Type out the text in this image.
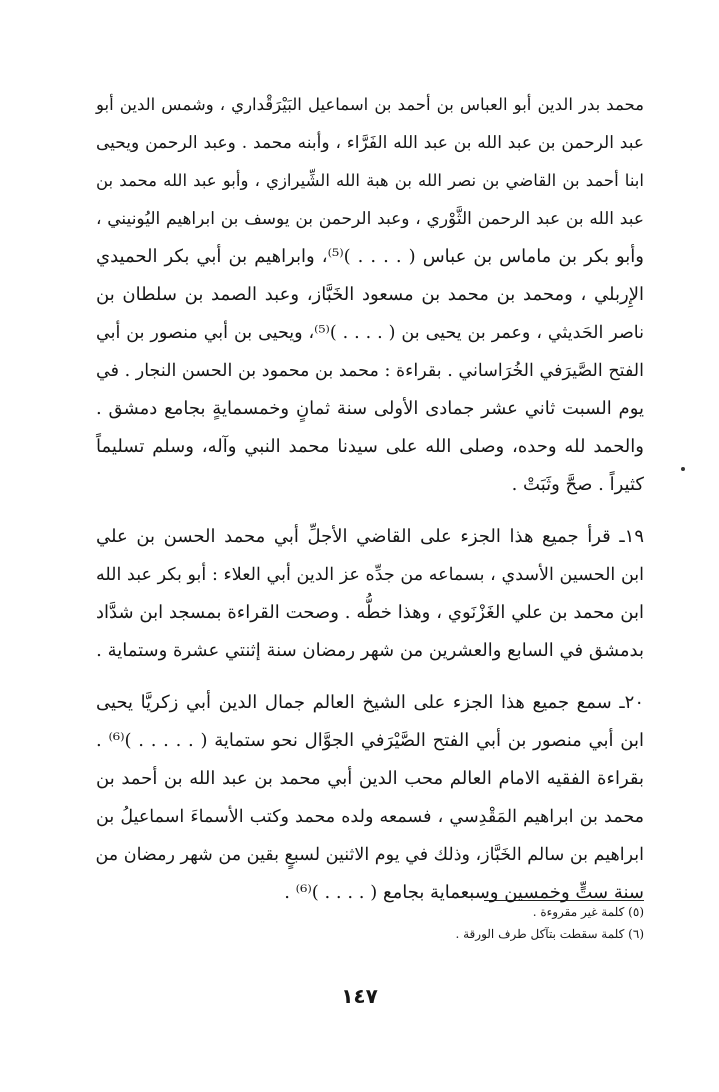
محمد بدر الدين أبو العباس بن أحمد بن اسماعيل البَيْرَقْداري ، وشمس الدين أبو
عبد الرحمن بن عبد الله بن عبد الله الفَرَّاء ، وأبنه محمد . وعبد الرحمن ويحيى
ابنا أحمد بن القاضي بن نصر الله بن هبة الله الشِّيرازي ، وأبو عبد الله محمد بن
عبد الله بن عبد الرحمن الثَّوْري ، وعبد الرحمن بن يوسف بن ابراهيم اليُونيني ،
وأبو بكر بن ماماس بن عباس ( . . . . )⁽⁵⁾، وابراهيم بن أبي بكر الحميدي
الإِربلي ، ومحمد بن محمد بن مسعود الخَبَّاز، وعبد الصمد بن سلطان بن
ناصر الحَديثي ، وعمر بن يحيى بن ( . . . . )⁽⁵⁾، ويحيى بن أبي منصور بن أبي
الفتح الصَّيرَفي الخُرَاساني . بقراءة : محمد بن محمود بن الحسن النجار . في
يوم السبت ثاني عشر جمادى الأولى سنة ثمانٍ وخمسمايةٍ بجامع دمشق .
والحمد لله وحده، وصلى الله على سيدنا محمد النبي وآله، وسلم تسليماً
كثيراً . صحَّ وثَبَتْ .
١٩ـ قرأ جميع هذا الجزء على القاضي الأجلِّ أبي محمد الحسن بن علي
ابن الحسين الأسدي ، بسماعه من جدِّه عز الدين أبي العلاء : أبو بكر عبد الله
ابن محمد بن علي الغَزْنَوي ، وهذا خطُّه . وصحت القراءة بمسجد ابن شدَّاد
بدمشق في السابع والعشرين من شهر رمضان سنة إثنتي عشرة وستماية .
٢٠ـ سمع جميع هذا الجزء على الشيخ العالم جمال الدين أبي زكريَّا يحيى
ابن أبي منصور بن أبي الفتح الصَّيْرَفي الجوَّال نحو ستماية ( . . . . . )⁽⁶⁾ .
بقراءة الفقيه الامام العالم محب الدين أبي محمد بن عبد الله بن أحمد بن
محمد بن ابراهيم المَقْدِسي ، فسمعه ولده محمد وكتب الأسماءَ اسماعيلُ بن
ابراهيم بن سالم الخَبَّاز، وذلك في يوم الاثنين لسبعٍ بقين من شهر رمضان من
سنة ستٍّ وخمسين وسبعماية بجامع ( . . . . )⁽⁶⁾ .
(٥) كلمة غير مقروءة .
(٦) كلمة سقطت بتآكل طرف الورقة .
١٤٧
